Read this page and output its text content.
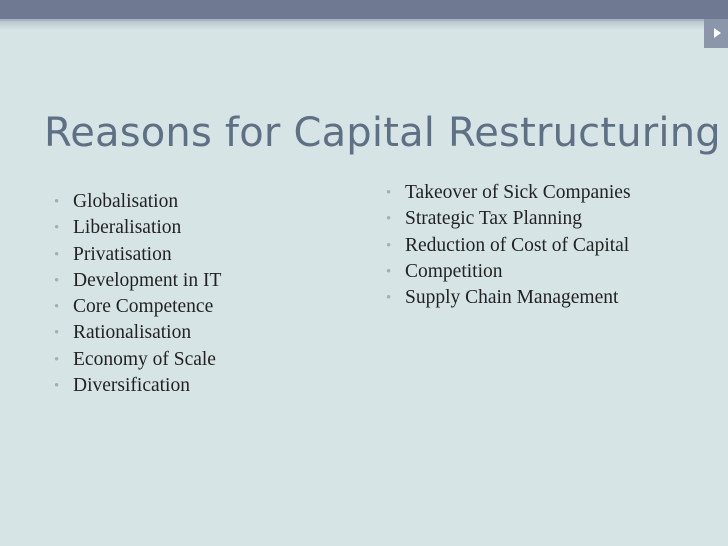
Reasons for Capital Restructuring
• Globalisation
• Liberalisation
• Privatisation
• Development in IT
• Core Competence
• Rationalisation
• Economy of Scale
• Diversification
• Takeover of Sick Companies
• Strategic Tax Planning
• Reduction of Cost of Capital
• Competition
• Supply Chain Management
